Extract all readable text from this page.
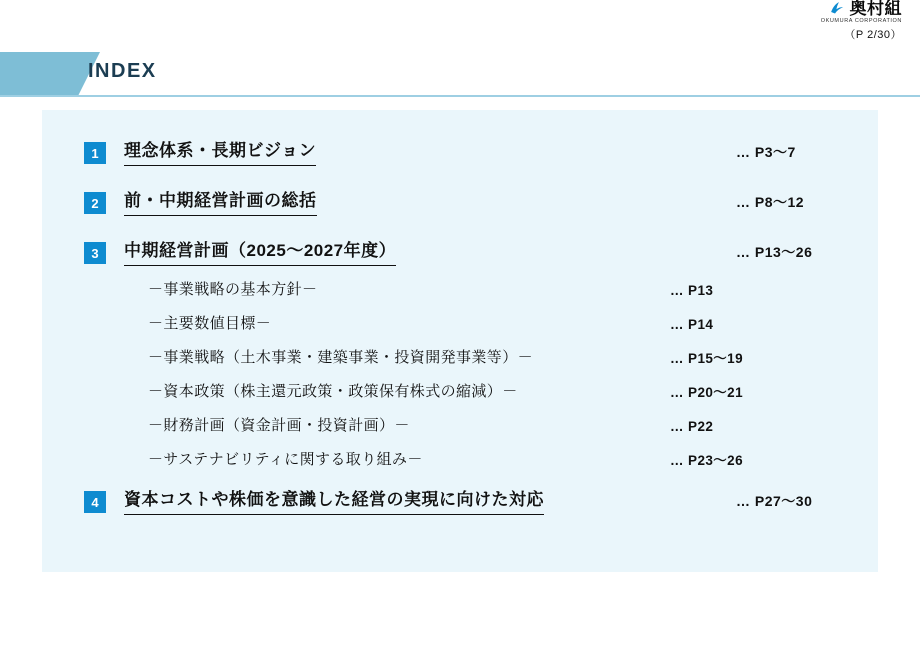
INDEX
奥村組
OKUMURA CORPORATION
（P 2/30）
1	理念体系・長期ビジョン	… P3〜7
2	前・中期経営計画の総括	… P8〜12
3	中期経営計画（2025〜2027年度）	… P13〜26
－事業戦略の基本方針－	… P13
－主要数値目標－	… P14
－事業戦略（土木事業・建築事業・投資開発事業等）－	… P15〜19
－資本政策（株主還元政策・政策保有株式の縮減）－	… P20〜21
－財務計画（資金計画・投資計画）－	… P22
－サステナビリティに関する取り組み－	… P23〜26
4	資本コストや株価を意識した経営の実現に向けた対応	… P27〜30
